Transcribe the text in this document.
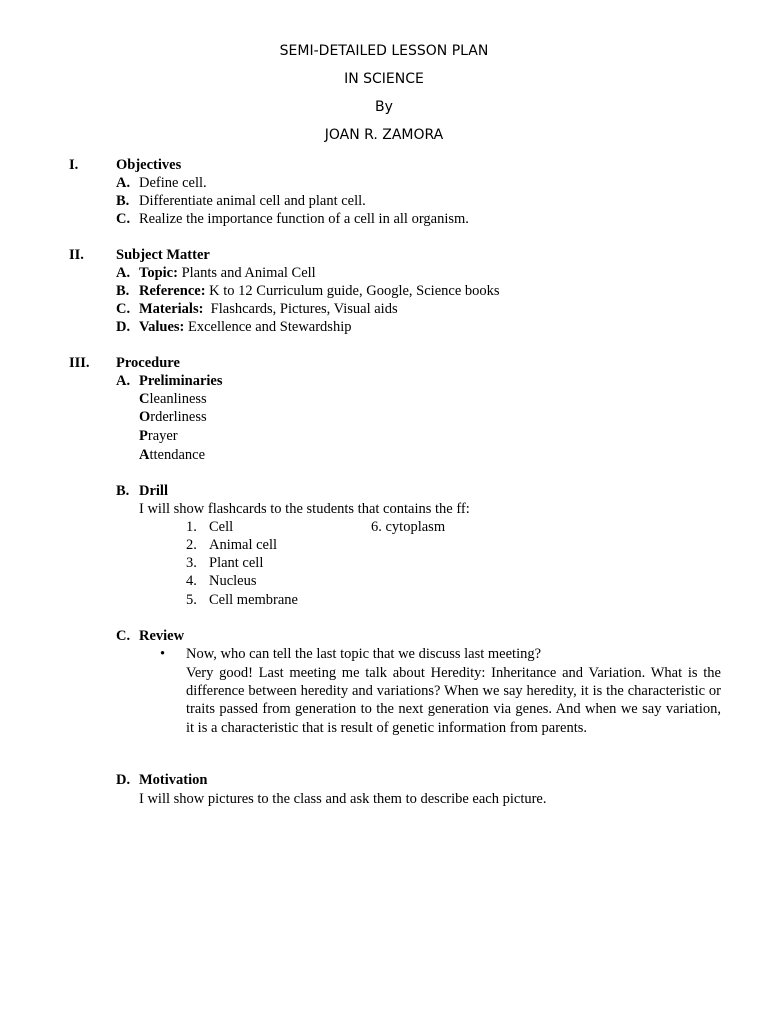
SEMI-DETAILED LESSON PLAN
IN SCIENCE
By
JOAN R. ZAMORA
I.	Objectives
A. Define cell.
B. Differentiate animal cell and plant cell.
C. Realize the importance function of a cell in all organism.
II. Subject Matter
A. Topic: Plants and Animal Cell
B. Reference: K to 12 Curriculum guide, Google, Science books
C. Materials:  Flashcards, Pictures, Visual aids
D. Values: Excellence and Stewardship
III. Procedure
A. Preliminaries
Cleanliness
Orderliness
Prayer
Attendance
B. Drill
I will show flashcards to the students that contains the ff:
1. Cell	6. cytoplasm
2. Animal cell
3. Plant cell
4. Nucleus
5. Cell membrane
C. Review
• Now, who can tell the last topic that we discuss last meeting?
Very good! Last meeting me talk about Heredity: Inheritance and Variation. What is the difference between heredity and variations? When we say heredity, it is the characteristic or traits passed from generation to the next generation via genes. And when we say variation, it is a characteristic that is result of genetic information from parents.
D. Motivation
I will show pictures to the class and ask them to describe each picture.
